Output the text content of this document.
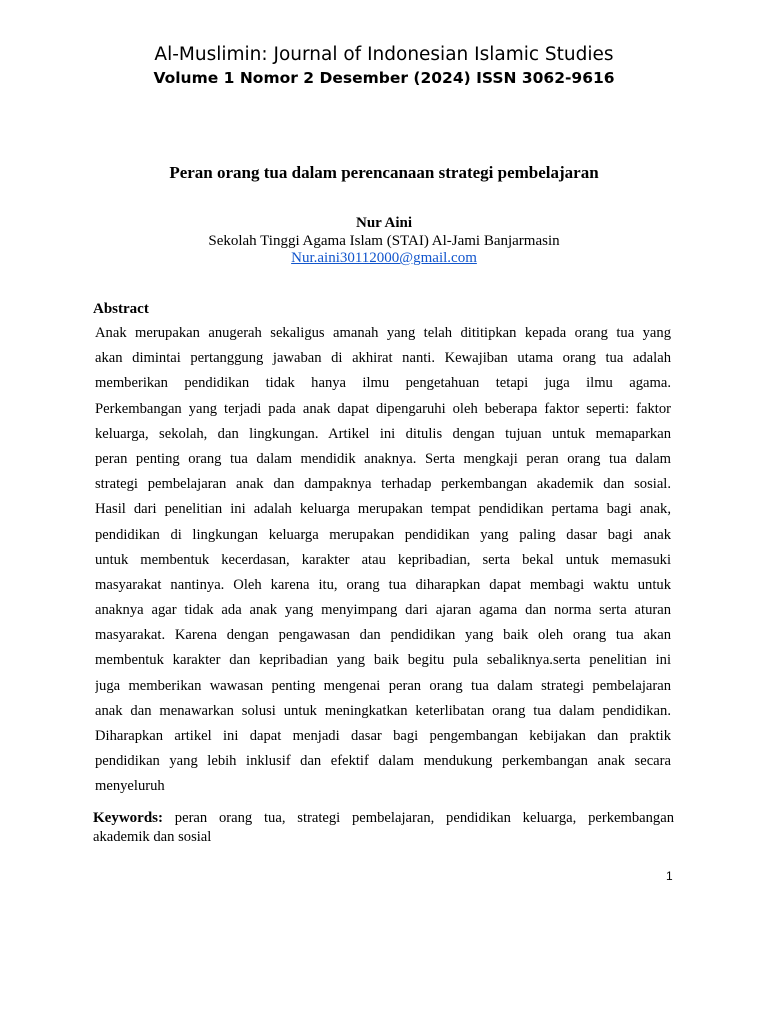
Al-Muslimin: Journal of Indonesian Islamic Studies
Volume 1 Nomor 2 Desember (2024) ISSN 3062-9616
Peran orang tua dalam perencanaan strategi pembelajaran
Nur Aini
Sekolah Tinggi Agama Islam (STAI) Al-Jami Banjarmasin
Nur.aini30112000@gmail.com
Abstract
Anak merupakan anugerah sekaligus amanah yang telah dititipkan kepada orang tua yang
akan dimintai pertanggung jawaban di akhirat nanti. Kewajiban utama orang tua adalah
memberikan pendidikan tidak hanya ilmu pengetahuan tetapi juga ilmu agama.
Perkembangan yang terjadi pada anak dapat dipengaruhi oleh beberapa faktor seperti: faktor
keluarga, sekolah, dan lingkungan. Artikel ini ditulis dengan tujuan untuk memaparkan
peran penting orang tua dalam mendidik anaknya. Serta mengkaji peran orang tua dalam
strategi pembelajaran anak dan dampaknya terhadap perkembangan akademik dan sosial.
Hasil dari penelitian ini adalah keluarga merupakan tempat pendidikan pertama bagi anak,
pendidikan di lingkungan keluarga merupakan pendidikan yang paling dasar bagi anak
untuk membentuk kecerdasan, karakter atau kepribadian, serta bekal untuk memasuki
masyarakat nantinya. Oleh karena itu, orang tua diharapkan dapat membagi waktu untuk
anaknya agar tidak ada anak yang menyimpang dari ajaran agama dan norma serta aturan
masyarakat. Karena dengan pengawasan dan pendidikan yang baik oleh orang tua akan
membentuk karakter dan kepribadian yang baik begitu pula sebaliknya.serta penelitian ini
juga memberikan wawasan penting mengenai peran orang tua dalam strategi pembelajaran
anak dan menawarkan solusi untuk meningkatkan keterlibatan orang tua dalam pendidikan.
Diharapkan artikel ini dapat menjadi dasar bagi pengembangan kebijakan dan praktik
pendidikan yang lebih inklusif dan efektif dalam mendukung perkembangan anak secara
menyeluruh
Keywords: peran orang tua, strategi pembelajaran, pendidikan keluarga, perkembangan
akademik dan sosial
1
